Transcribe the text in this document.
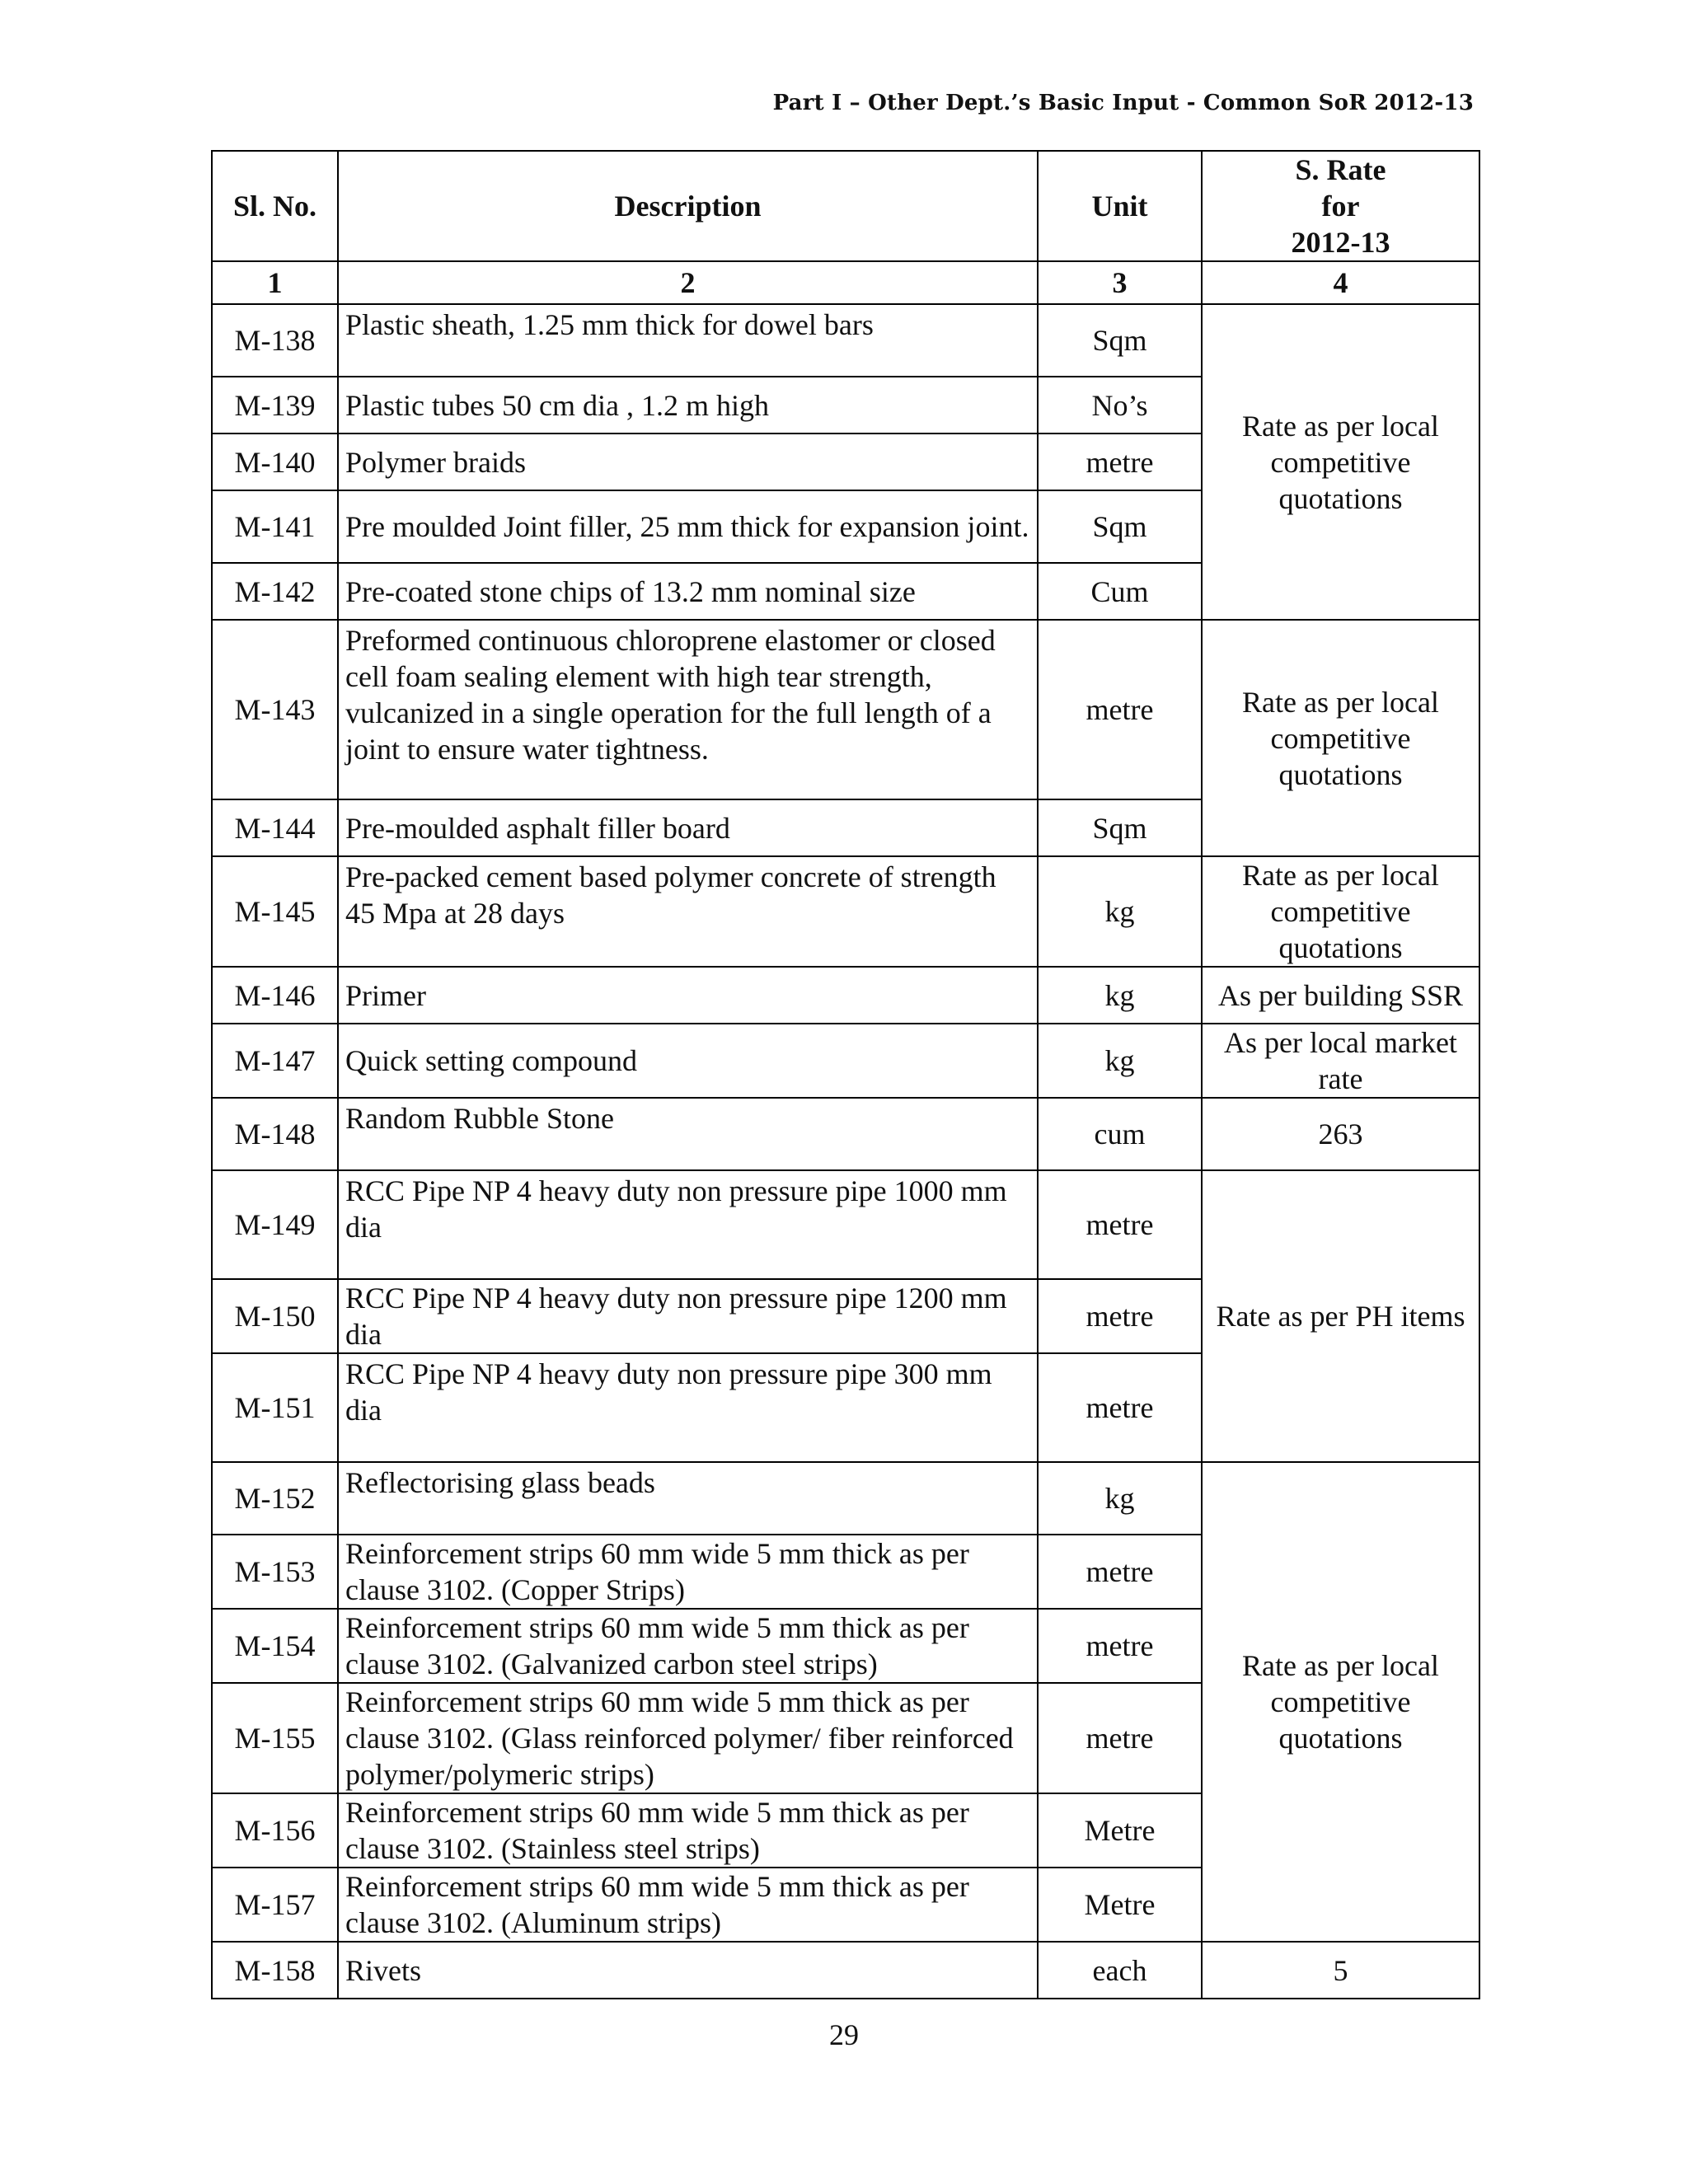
Part I – Other Dept.’s Basic Input - Common SoR 2012-13
Sl. No.	Description	Unit	S. Rate
for
2012-13

1	2	3	4
M-138	Plastic sheath, 1.25 mm thick for dowel bars	Sqm	Rate as per local competitive quotations
M-139	Plastic tubes 50 cm dia , 1.2 m high	No’s	
M-140	Polymer braids	metre	
M-141	Pre moulded Joint filler, 25 mm thick for expansion joint.	Sqm	
M-142	Pre-coated stone chips of 13.2 mm nominal size	Cum	
M-143	Preformed continuous chloroprene elastomer or closed cell foam sealing element with high tear strength, vulcanized in a single operation for the full length of a joint to ensure water tightness.	metre	Rate as per local competitive quotations
M-144	Pre-moulded asphalt filler board	Sqm	
M-145	Pre-packed cement based polymer concrete of strength 45 Mpa at 28 days	kg	Rate as per local competitive quotations
M-146	Primer	kg	As per building SSR
M-147	Quick setting compound	kg	As per local market rate
M-148	Random Rubble Stone	cum	263
M-149	RCC Pipe NP 4 heavy duty non pressure pipe 1000 mm dia	metre	Rate as per PH items
M-150	RCC Pipe NP 4 heavy duty non pressure pipe 1200 mm dia	metre	
M-151	RCC Pipe NP 4 heavy duty non pressure pipe 300 mm dia	metre	
M-152	Reflectorising glass beads	kg	Rate as per local competitive quotations
M-153	Reinforcement strips 60 mm wide 5 mm thick as per clause 3102. (Copper Strips)	metre	
M-154	Reinforcement strips 60 mm wide 5 mm thick as per clause 3102. (Galvanized carbon steel strips)	metre	
M-155	Reinforcement strips 60 mm wide 5 mm thick as per clause 3102. (Glass reinforced polymer/ fiber reinforced polymer/polymeric strips)	metre	
M-156	Reinforcement strips 60 mm wide 5 mm thick as per clause 3102. (Stainless steel strips)	Metre	
M-157	Reinforcement strips 60 mm wide 5 mm thick as per clause 3102. (Aluminum strips)	Metre	
M-158	Rivets	each	5
29
